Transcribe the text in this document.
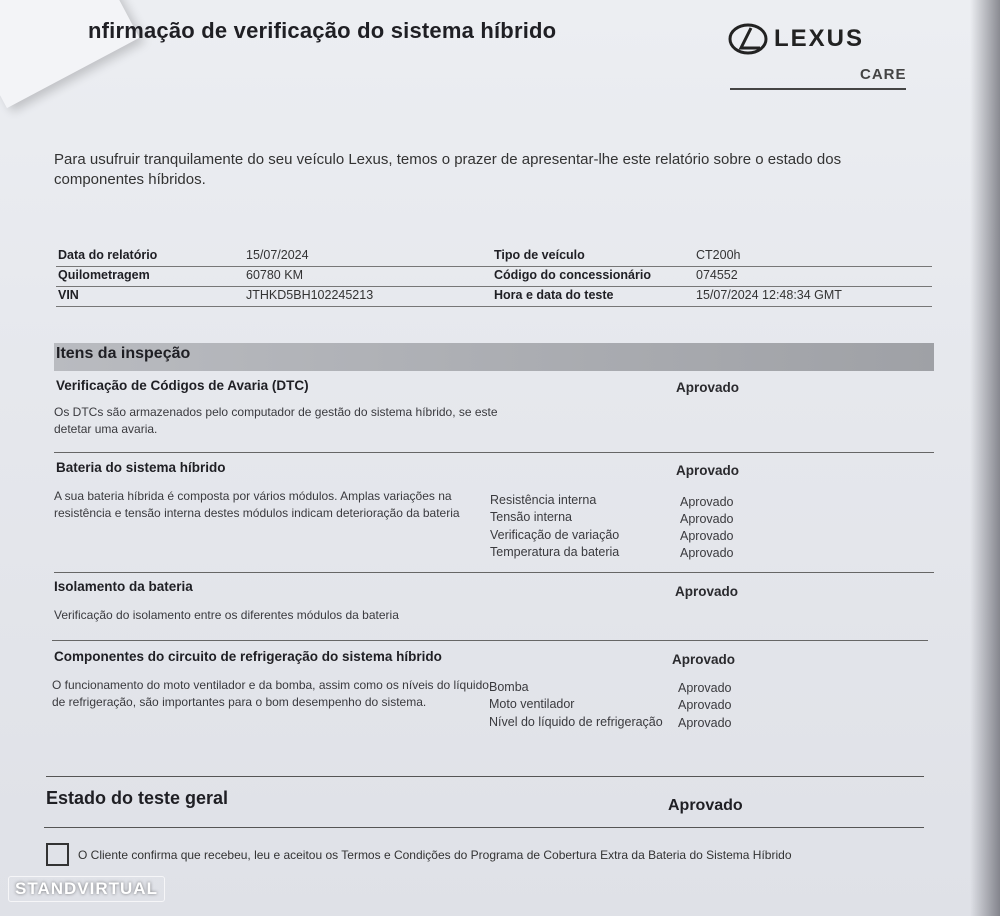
nfirmação de verificação do sistema híbrido	LEXUS
CARE
Para usufruir tranquilamente do seu veículo Lexus, temos o prazer de apresentar-lhe este relatório sobre o estado dos componentes híbridos.
Data do relatório	15/07/2024	Tipo de veículo	CT200h
Quilometragem	60780 KM	Código do concessionário	074552
VIN	JTHKD5BH102245213	Hora e data do teste	15/07/2024 12:48:34 GMT
Itens da inspeção
Verificação de Códigos de Avaria (DTC)	Aprovado
Os DTCs são armazenados pelo computador de gestão do sistema híbrido, se este
detetar uma avaria.
Bateria do sistema híbrido	Aprovado
A sua bateria híbrida é composta por vários módulos. Amplas variações na
resistência e tensão interna destes módulos indicam deterioração da bateria
Resistência interna	Aprovado
Tensão interna	Aprovado
Verificação de variação	Aprovado
Temperatura da bateria	Aprovado
Isolamento da bateria	Aprovado
Verificação do isolamento entre os diferentes módulos da bateria
Componentes do circuito de refrigeração do sistema híbrido	Aprovado
O funcionamento do moto ventilador e da bomba, assim como os níveis do líquido
de refrigeração, são importantes para o bom desempenho do sistema.
Bomba	Aprovado
Moto ventilador	Aprovado
Nível do líquido de refrigeração Aprovado
Estado do teste geral	Aprovado
O Cliente confirma que recebeu, leu e aceitou os Termos e Condições do Programa de Cobertura Extra da Bateria do Sistema Híbrido
STANDVIRTUAL
